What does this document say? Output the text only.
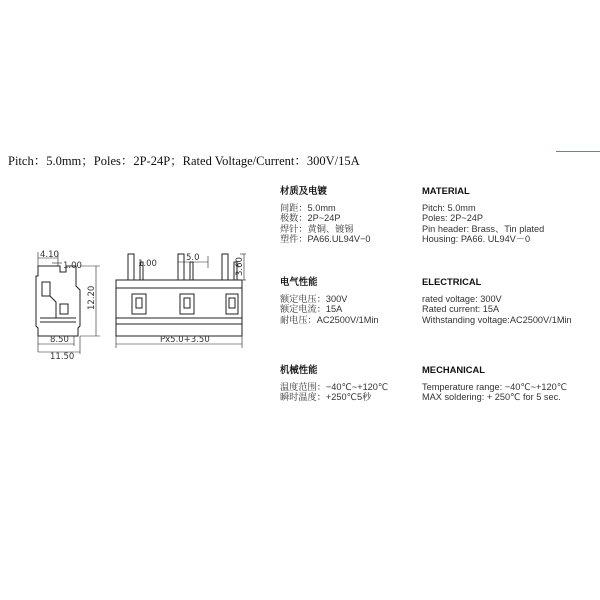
Pitch：5.0mm；Poles：2P-24P；Rated Voltage/Current：300V/15A
4.10
1.00
12.20
8.50
11.50
1.00
5.0	3.60
Px5.0+3.50
材质及电镀
间距：5.0mm
极数：2P~24P
焊针：黄铜、镀锡
塑件：PA66.UL94V−0
电气性能
额定电压：300V
额定电流：15A
耐电压：AC2500V/1Min
机械性能
温度范围：−40℃~+120℃
瞬时温度：+250℃5秒
MATERIAL
Pitch: 5.0mm
Poles: 2P~24P
Pin header: Brass、Tin plated
Housing: PA66. UL94V－0
ELECTRICAL
rated voltage: 300V
Rated current: 15A
Withstanding voltage:AC2500V/1Min
MECHANICAL
Temperature range: −40℃~+120℃
MAX soldering: + 250℃ for 5 sec.
